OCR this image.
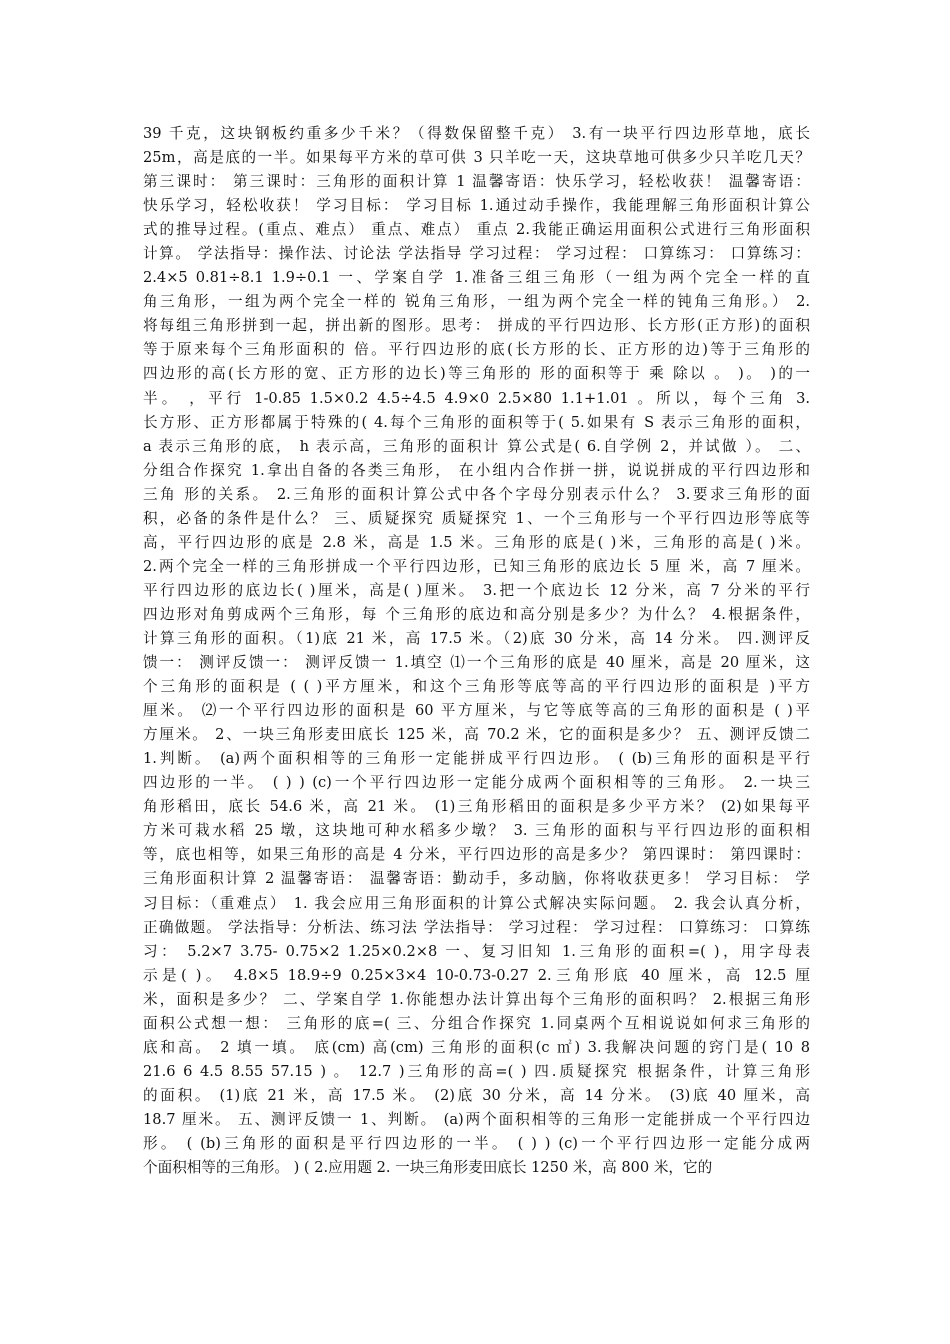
39 千克，这块钢板约重多少千米？（得数保留整千克） 3.有一块平行四边形草地，底长
25m，高是底的一半。如果每平方米的草可供 3 只羊吃一天，这块草地可供多少只羊吃几天？
第三课时： 第三课时：三角形的面积计算 1 温馨寄语：快乐学习，轻松收获！ 温馨寄语：
快乐学习，轻松收获！ 学习目标： 学习目标 1.通过动手操作，我能理解三角形面积计算公
式的推导过程。(重点、难点） 重点、难点） 重点 2.我能正确运用面积公式进行三角形面积
计算。 学法指导：操作法、讨论法 学法指导 学习过程： 学习过程： 口算练习： 口算练习：
2.4×5 0.81÷8.1 1.9÷0.1 一、学案自学 1.准备三组三角形（一组为两个完全一样的直
角三角形，一组为两个完全一样的 锐角三角形，一组为两个完全一样的钝角三角形。） 2.
将每组三角形拼到一起，拼出新的图形。思考： 拼成的平行四边形、长方形(正方形)的面积
等于原来每个三角形面积的 倍。平行四边形的底(长方形的长、正方形的边)等于三角形的
四边形的高(长方形的宽、正方形的边长)等三角形的 形的面积等于 乘 除以 。 )。 )的一
半。 ，平行 1-0.85 1.5×0.2 4.5÷4.5 4.9×0 2.5×80 1.1+1.01 。所以，每个三角 3.
长方形、正方形都属于特殊的( 4.每个三角形的面积等于( 5.如果有 S 表示三角形的面积，
a 表示三角形的底， h 表示高，三角形的面积计 算公式是( 6.自学例 2，并试做 ）。 二、
分组合作探究 1.拿出自备的各类三角形， 在小组内合作拼一拼，说说拼成的平行四边形和
三角 形的关系。 2.三角形的面积计算公式中各个字母分别表示什么？ 3.要求三角形的面
积，必备的条件是什么？ 三、质疑探究 质疑探究 1、一个三角形与一个平行四边形等底等
高，平行四边形的底是 2.8 米，高是 1.5 米。三角形的底是( )米，三角形的高是( )米。
2.两个完全一样的三角形拼成一个平行四边形，已知三角形的底边长 5 厘 米，高 7 厘米。
平行四边形的底边长( )厘米，高是( )厘米。 3.把一个底边长 12 分米，高 7 分米的平行
四边形对角剪成两个三角形，每 个三角形的底边和高分别是多少？为什么？ 4.根据条件，
计算三角形的面积。（1)底 21 米，高 17.5 米。（2)底 30 分米，高 14 分米。 四.测评反
馈一： 测评反馈一： 测评反馈一 1.填空 ⑴一个三角形的底是 40 厘米，高是 20 厘米，这
个三角形的面积是 ( ( )平方厘米，和这个三角形等底等高的平行四边形的面积是 )平方
厘米。 ⑵一个平行四边形的面积是 60 平方厘米，与它等底等高的三角形的面积是 ( )平
方厘米。 2、一块三角形麦田底长 125 米，高 70.2 米，它的面积是多少？ 五、测评反馈二
1.判断。 (a)两个面积相等的三角形一定能拼成平行四边形。 ( (b)三角形的面积是平行
四边形的一半。 ( ) ) (c)一个平行四边形一定能分成两个面积相等的三角形。 2.一块三
角形稻田，底长 54.6 米，高 21 米。 (1)三角形稻田的面积是多少平方米？ (2)如果每平
方米可栽水稻 25 墩，这块地可种水稻多少墩？ 3. 三角形的面积与平行四边形的面积相
等，底也相等，如果三角形的高是 4 分米，平行四边形的高是多少？ 第四课时： 第四课时：
三角形面积计算 2 温馨寄语： 温馨寄语：勤动手，多动脑，你将收获更多！ 学习目标： 学
习目标：（重难点） 1. 我会应用三角形面积的计算公式解决实际问题。 2. 我会认真分析，
正确做题。 学法指导：分析法、练习法 学法指导： 学习过程： 学习过程： 口算练习： 口算练
习： 5.2×7 3.75- 0.75×2 1.25×0.2×8 一、复习旧知 1.三角形的面积=( )，用字母表
示是( )。 4.8×5 18.9÷9 0.25×3×4 10-0.73-0.27 2.三角形底 40 厘米，高 12.5 厘
米，面积是多少？ 二、学案自学 1.你能想办法计算出每个三角形的面积吗？ 2.根据三角形
面积公式想一想： 三角形的底=( 三、分组合作探究 1.同桌两个互相说说如何求三角形的
底和高。 2 填一填。 底(cm) 高(cm) 三角形的面积(c ㎡) 3.我解决问题的窍门是( 10 8
21.6 6 4.5 8.55 57.15 ) 。 12.7 )三角形的高=( ) 四.质疑探究 根据条件，计算三角形
的面积。 (1)底 21 米，高 17.5 米。 (2)底 30 分米，高 14 分米。 (3)底 40 厘米，高
18.7 厘米。 五、测评反馈一 1、判断。 (a)两个面积相等的三角形一定能拼成一个平行四边
形。 ( (b)三角形的面积是平行四边形的一半。 ( ) ) (c)一个平行四边形一定能分成两
个面积相等的三角形。 ) ( 2.应用题 2. 一块三角形麦田底长 1250 米，高 800 米，它的
